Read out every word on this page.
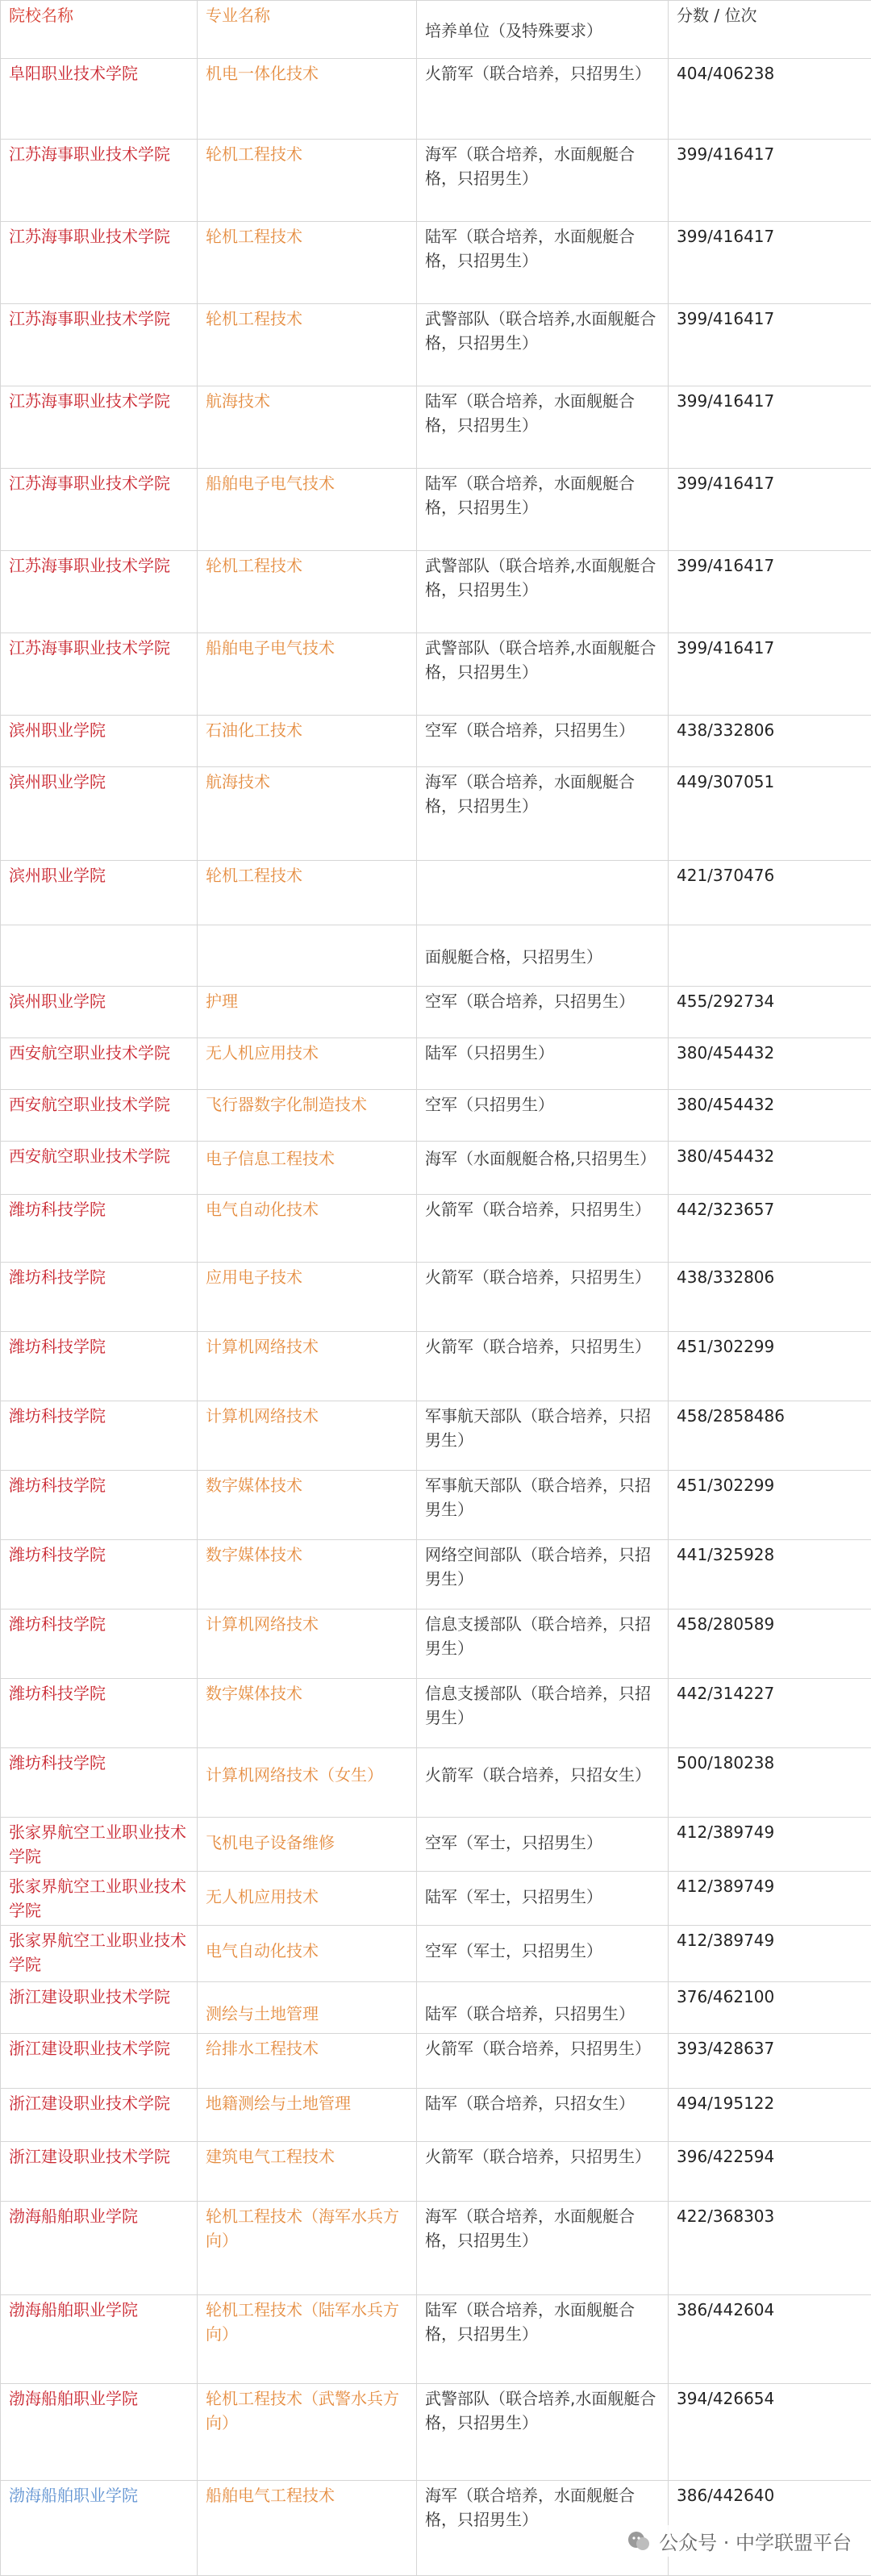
院校名称	专业名称	培养单位（及特殊要求）	分数 / 位次
阜阳职业技术学院	机电一体化技术	火箭军（联合培养，只招男生）	404/406238
江苏海事职业技术学院	轮机工程技术	海军（联合培养，水面舰艇合格，只招男生）	399/416417
江苏海事职业技术学院	轮机工程技术	陆军（联合培养，水面舰艇合格，只招男生）	399/416417
江苏海事职业技术学院	轮机工程技术	武警部队（联合培养,水面舰艇合格，只招男生）	399/416417
江苏海事职业技术学院	航海技术	陆军（联合培养，水面舰艇合格，只招男生）	399/416417
江苏海事职业技术学院	船舶电子电气技术	陆军（联合培养，水面舰艇合格，只招男生）	399/416417
江苏海事职业技术学院	轮机工程技术	武警部队（联合培养,水面舰艇合格，只招男生）	399/416417
江苏海事职业技术学院	船舶电子电气技术	武警部队（联合培养,水面舰艇合格，只招男生）	399/416417
滨州职业学院	石油化工技术	空军（联合培养，只招男生）	438/332806
滨州职业学院	航海技术	海军（联合培养，水面舰艇合格，只招男生）	449/307051
滨州职业学院	轮机工程技术		421/370476
		面舰艇合格，只招男生）	
滨州职业学院	护理	空军（联合培养，只招男生）	455/292734
西安航空职业技术学院	无人机应用技术	陆军（只招男生）	380/454432
西安航空职业技术学院	飞行器数字化制造技术	空军（只招男生）	380/454432
西安航空职业技术学院	电子信息工程技术	海军（水面舰艇合格,只招男生）	380/454432
潍坊科技学院	电气自动化技术	火箭军（联合培养，只招男生）	442/323657
潍坊科技学院	应用电子技术	火箭军（联合培养，只招男生）	438/332806
潍坊科技学院	计算机网络技术	火箭军（联合培养，只招男生）	451/302299
潍坊科技学院	计算机网络技术	军事航天部队（联合培养，只招男生）	458/2858486
潍坊科技学院	数字媒体技术	军事航天部队（联合培养，只招男生）	451/302299
潍坊科技学院	数字媒体技术	网络空间部队（联合培养，只招男生）	441/325928
潍坊科技学院	计算机网络技术	信息支援部队（联合培养，只招男生）	458/280589
潍坊科技学院	数字媒体技术	信息支援部队（联合培养，只招男生）	442/314227
潍坊科技学院	计算机网络技术（女生）	火箭军（联合培养，只招女生）	500/180238
张家界航空工业职业技术学院	飞机电子设备维修	空军（军士，只招男生）	412/389749
张家界航空工业职业技术学院	无人机应用技术	陆军（军士，只招男生）	412/389749
张家界航空工业职业技术学院	电气自动化技术	空军（军士，只招男生）	412/389749
浙江建设职业技术学院	测绘与土地管理	陆军（联合培养，只招男生）	376/462100
浙江建设职业技术学院	给排水工程技术	火箭军（联合培养，只招男生）	393/428637
浙江建设职业技术学院	地籍测绘与土地管理	陆军（联合培养，只招女生）	494/195122
浙江建设职业技术学院	建筑电气工程技术	火箭军（联合培养，只招男生）	396/422594
渤海船舶职业学院	轮机工程技术（海军水兵方向）	海军（联合培养，水面舰艇合格，只招男生）	422/368303
渤海船舶职业学院	轮机工程技术（陆军水兵方向）	陆军（联合培养，水面舰艇合格，只招男生）	386/442604
渤海船舶职业学院	轮机工程技术（武警水兵方向）	武警部队（联合培养,水面舰艇合格，只招男生）	394/426654
渤海船舶职业学院	船舶电气工程技术	海军（联合培养，水面舰艇合格，只招男生）	386/442640
公众号 · 中学联盟平台
